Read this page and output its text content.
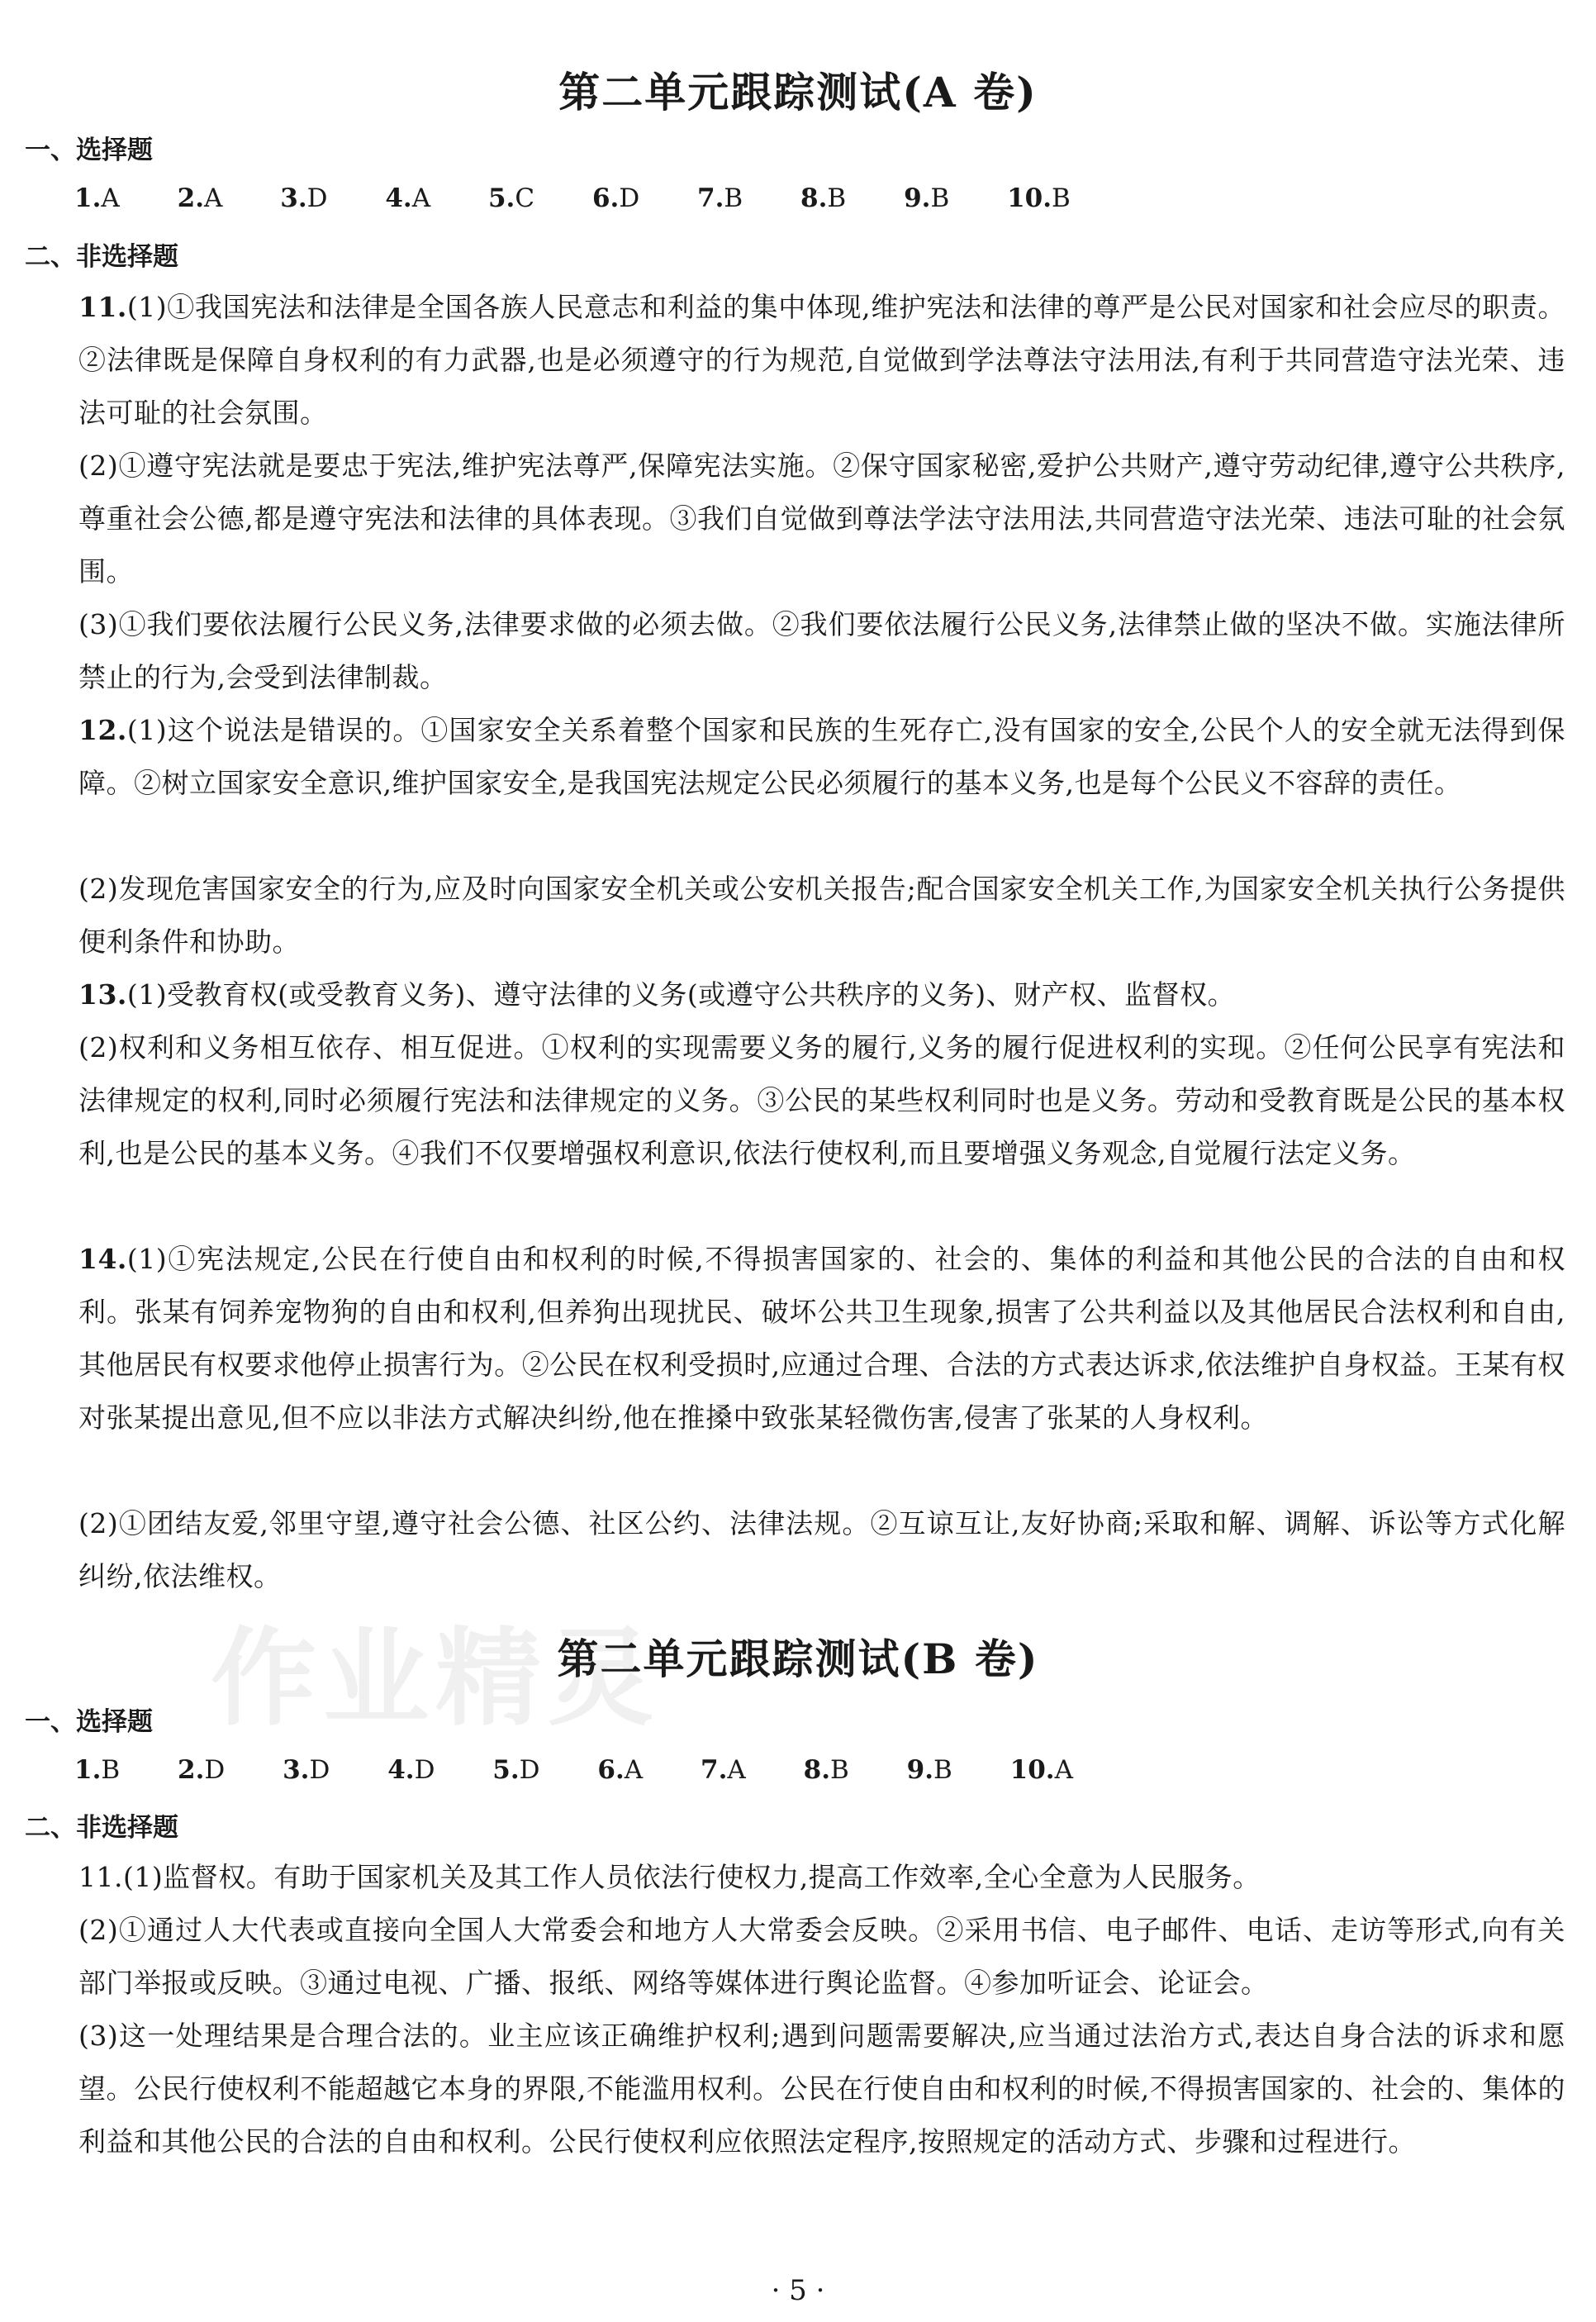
第二单元跟踪测试(A 卷)
一、选择题
1.A 2.A 3.D 4.A 5.C 6.D 7.B 8.B 9.B 10.B
二、非选择题
11.(1)①我国宪法和法律是全国各族人民意志和利益的集中体现,维护宪法和法律的尊严是公民对国家和社会应尽的职责。②法律既是保障自身权利的有力武器,也是必须遵守的行为规范,自觉做到学法尊法守法用法,有利于共同营造守法光荣、违法可耻的社会氛围。
(2)①遵守宪法就是要忠于宪法,维护宪法尊严,保障宪法实施。②保守国家秘密,爱护公共财产,遵守劳动纪律,遵守公共秩序,尊重社会公德,都是遵守宪法和法律的具体表现。③我们自觉做到尊法学法守法用法,共同营造守法光荣、违法可耻的社会氛围。
(3)①我们要依法履行公民义务,法律要求做的必须去做。②我们要依法履行公民义务,法律禁止做的坚决不做。实施法律所禁止的行为,会受到法律制裁。
12.(1)这个说法是错误的。①国家安全关系着整个国家和民族的生死存亡,没有国家的安全,公民个人的安全就无法得到保障。②树立国家安全意识,维护国家安全,是我国宪法规定公民必须履行的基本义务,也是每个公民义不容辞的责任。
(2)发现危害国家安全的行为,应及时向国家安全机关或公安机关报告;配合国家安全机关工作,为国家安全机关执行公务提供便利条件和协助。
13.(1)受教育权(或受教育义务)、遵守法律的义务(或遵守公共秩序的义务)、财产权、监督权。
(2)权利和义务相互依存、相互促进。①权利的实现需要义务的履行,义务的履行促进权利的实现。②任何公民享有宪法和法律规定的权利,同时必须履行宪法和法律规定的义务。③公民的某些权利同时也是义务。劳动和受教育既是公民的基本权利,也是公民的基本义务。④我们不仅要增强权利意识,依法行使权利,而且要增强义务观念,自觉履行法定义务。
14.(1)①宪法规定,公民在行使自由和权利的时候,不得损害国家的、社会的、集体的利益和其他公民的合法的自由和权利。张某有饲养宠物狗的自由和权利,但养狗出现扰民、破坏公共卫生现象,损害了公共利益以及其他居民合法权利和自由,其他居民有权要求他停止损害行为。②公民在权利受损时,应通过合理、合法的方式表达诉求,依法维护自身权益。王某有权对张某提出意见,但不应以非法方式解决纠纷,他在推搡中致张某轻微伤害,侵害了张某的人身权利。
(2)①团结友爱,邻里守望,遵守社会公德、社区公约、法律法规。②互谅互让,友好协商;采取和解、调解、诉讼等方式化解纠纷,依法维权。
作业精灵
第二单元跟踪测试(B 卷)
一、选择题
1.B 2.D 3.D 4.D 5.D 6.A 7.A 8.B 9.B 10.A
二、非选择题
11.(1)监督权。有助于国家机关及其工作人员依法行使权力,提高工作效率,全心全意为人民服务。
(2)①通过人大代表或直接向全国人大常委会和地方人大常委会反映。②采用书信、电子邮件、电话、走访等形式,向有关部门举报或反映。③通过电视、广播、报纸、网络等媒体进行舆论监督。④参加听证会、论证会。
(3)这一处理结果是合理合法的。业主应该正确维护权利;遇到问题需要解决,应当通过法治方式,表达自身合法的诉求和愿望。公民行使权利不能超越它本身的界限,不能滥用权利。公民在行使自由和权利的时候,不得损害国家的、社会的、集体的利益和其他公民的合法的自由和权利。公民行使权利应依照法定程序,按照规定的活动方式、步骤和过程进行。
· 5 ·
